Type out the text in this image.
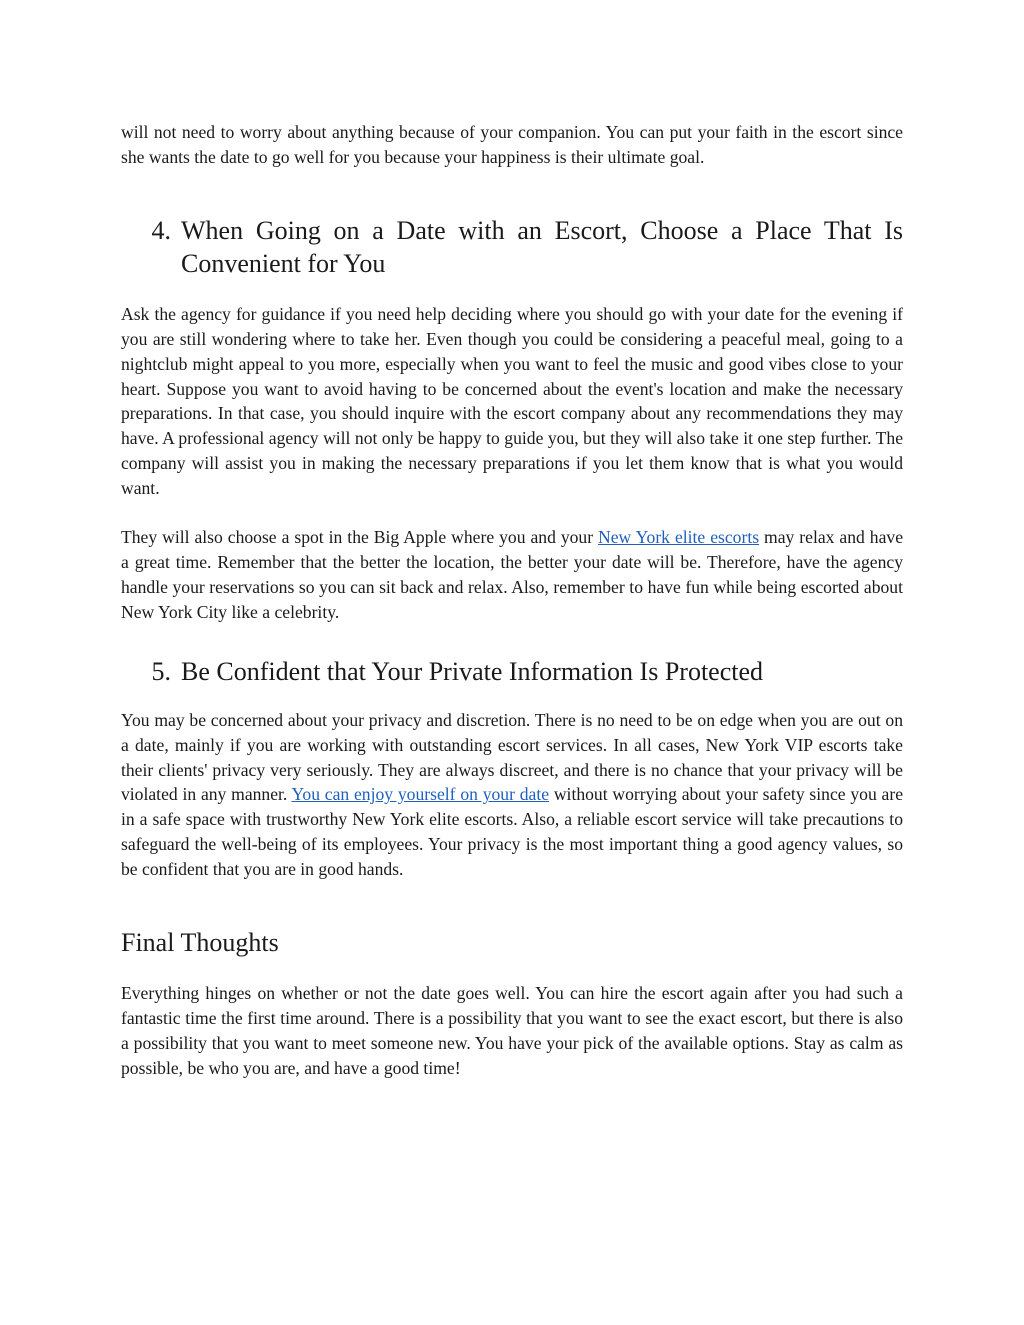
will not need to worry about anything because of your companion. You can put your faith in the escort since she wants the date to go well for you because your happiness is their ultimate goal.

4. When Going on a Date with an Escort, Choose a Place That Is Convenient for You

Ask the agency for guidance if you need help deciding where you should go with your date for the evening if you are still wondering where to take her. Even though you could be considering a peaceful meal, going to a nightclub might appeal to you more, especially when you want to feel the music and good vibes close to your heart. Suppose you want to avoid having to be concerned about the event's location and make the necessary preparations. In that case, you should inquire with the escort company about any recommendations they may have. A professional agency will not only be happy to guide you, but they will also take it one step further. The company will assist you in making the necessary preparations if you let them know that is what you would want.

They will also choose a spot in the Big Apple where you and your New York elite escorts may relax and have a great time. Remember that the better the location, the better your date will be. Therefore, have the agency handle your reservations so you can sit back and relax. Also, remember to have fun while being escorted about New York City like a celebrity.

5. Be Confident that Your Private Information Is Protected

You may be concerned about your privacy and discretion. There is no need to be on edge when you are out on a date, mainly if you are working with outstanding escort services. In all cases, New York VIP escorts take their clients' privacy very seriously. They are always discreet, and there is no chance that your privacy will be violated in any manner. You can enjoy yourself on your date without worrying about your safety since you are in a safe space with trustworthy New York elite escorts. Also, a reliable escort service will take precautions to safeguard the well-being of its employees. Your privacy is the most important thing a good agency values, so be confident that you are in good hands.

Final Thoughts

Everything hinges on whether or not the date goes well. You can hire the escort again after you had such a fantastic time the first time around. There is a possibility that you want to see the exact escort, but there is also a possibility that you want to meet someone new. You have your pick of the available options. Stay as calm as possible, be who you are, and have a good time!
